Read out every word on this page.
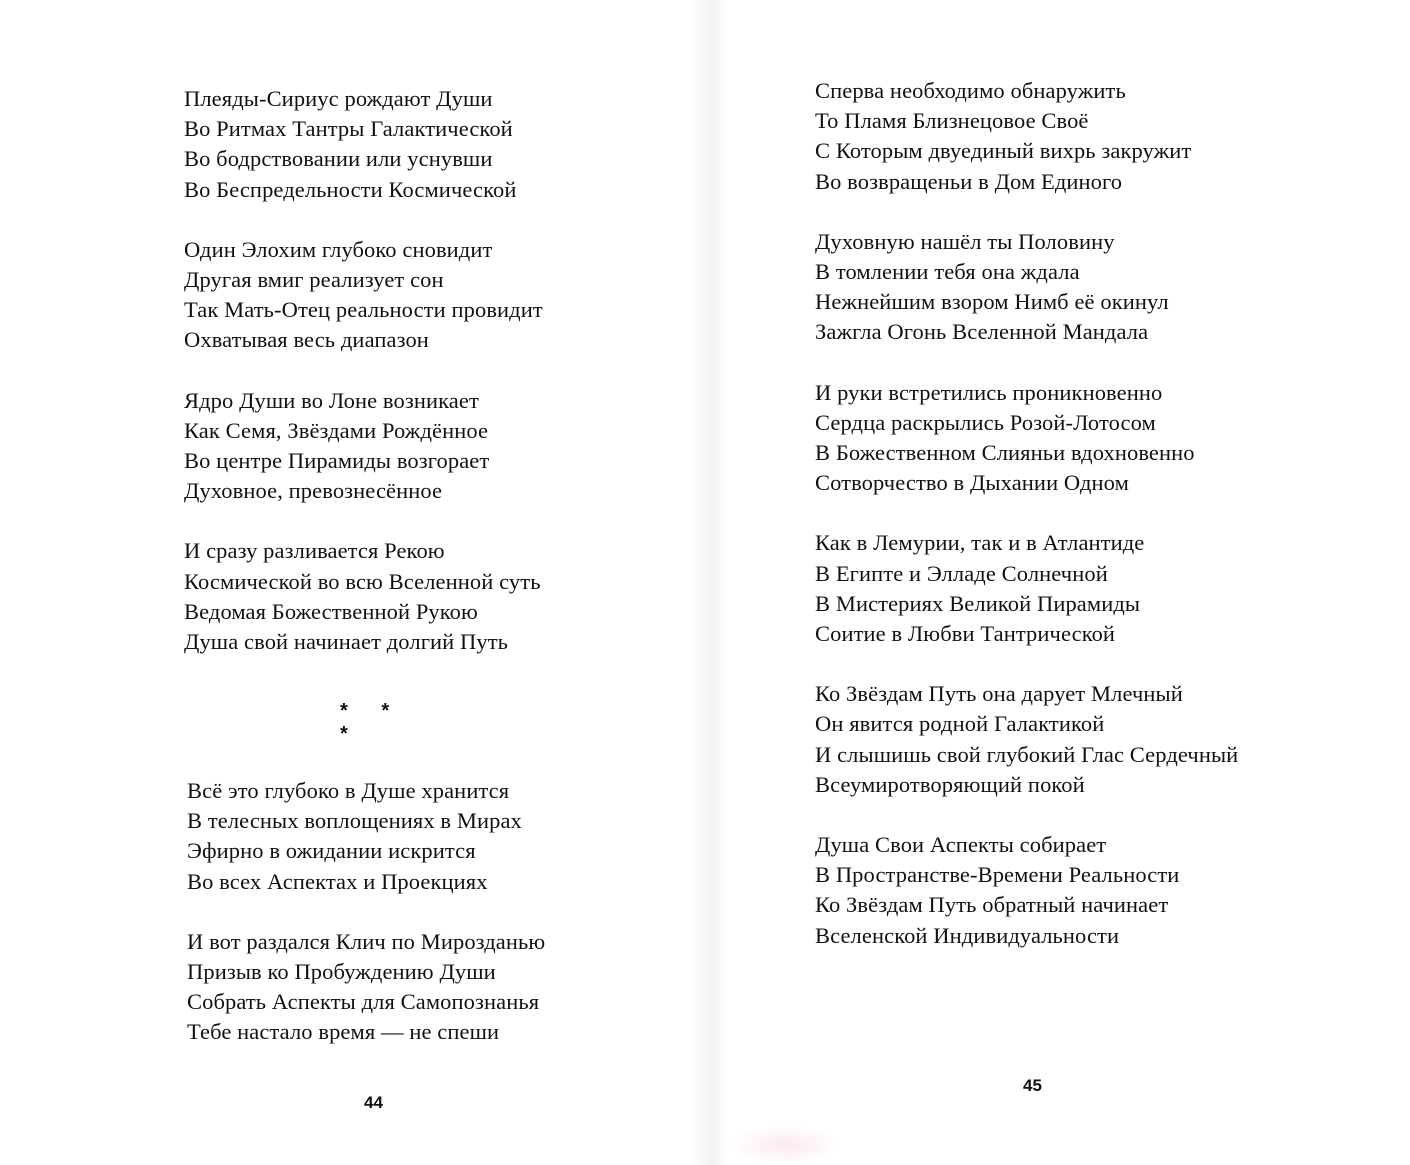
Плеяды-Сириус рождают Души
Во Ритмах Тантры Галактической
Во бодрствовании или уснувши
Во Беспредельности Космической
Один Элохим глубоко сновидит
Другая вмиг реализует сон
Так Мать-Отец реальности провидит
Охватывая весь диапазон
Ядро Души во Лоне возникает
Как Семя, Звёздами Рождённое
Во центре Пирамиды возгорает
Духовное, превознесённое
И сразу разливается Рекою
Космической во всю Вселенной суть
Ведомая Божественной Рукою
Душа свой начинает долгий Путь
* * *
Всё это глубоко в Душе хранится
В телесных воплощениях в Мирах
Эфирно в ожидании искрится
Во всех Аспектах и Проекциях
И вот раздался Клич по Мирозданью
Призыв ко Пробуждению Души
Собрать Аспекты для Самопознанья
Тебе настало время — не спеши
44
Сперва необходимо обнаружить
То Пламя Близнецовое Своё
С Которым двуединый вихрь закружит
Во возвращеньи в Дом Единого
Духовную нашёл ты Половину
В томлении тебя она ждала
Нежнейшим взором Нимб её окинул
Зажгла Огонь Вселенной Мандала
И руки встретились проникновенно
Сердца раскрылись Розой-Лотосом
В Божественном Слияньи вдохновенно
Сотворчество в Дыхании Одном
Как в Лемурии, так и в Атлантиде
В Египте и Элладе Солнечной
В Мистериях Великой Пирамиды
Соитие в Любви Тантрической
Ко Звёздам Путь она дарует Млечный
Он явится родной Галактикой
И слышишь свой глубокий Глас Сердечный
Всеумиротворяющий покой
Душа Свои Аспекты собирает
В Пространстве-Времени Реальности
Ко Звёздам Путь обратный начинает
Вселенской Индивидуальности
45
